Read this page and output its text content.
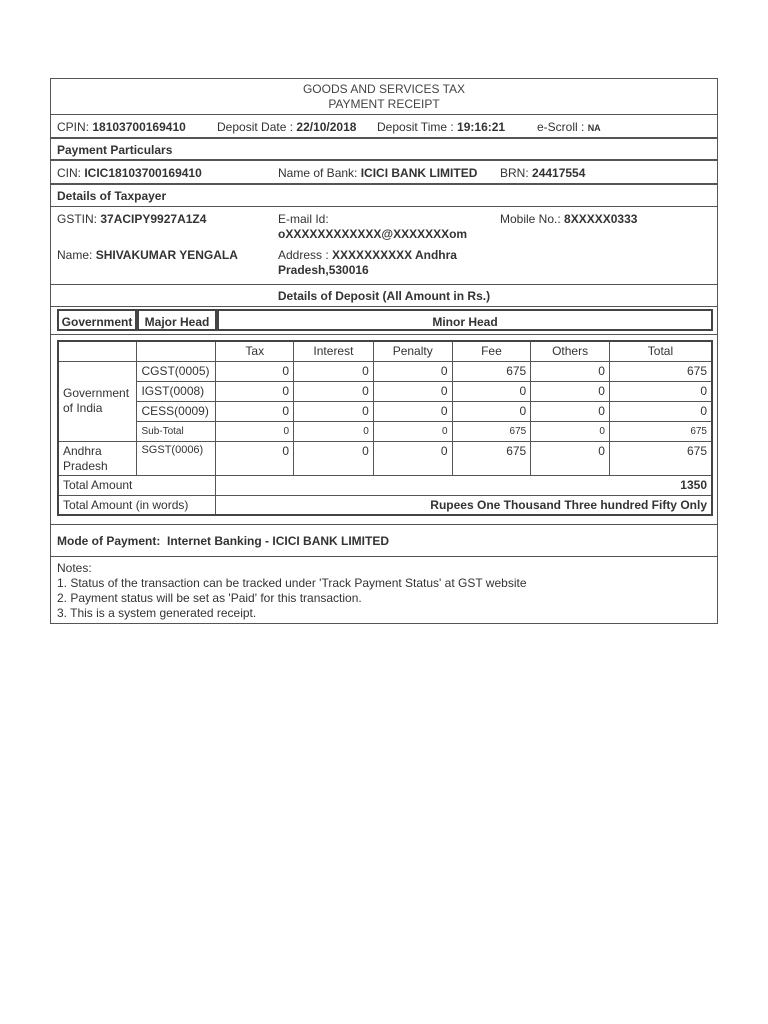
GOODS AND SERVICES TAX
PAYMENT RECEIPT
CPIN: 18103700169410	Deposit Date : 22/10/2018 Deposit Time : 19:16:21	e-Scroll : NA
Payment Particulars
CIN: ICIC18103700169410	Name of Bank: ICICI BANK LIMITED BRN: 24417554
Details of Taxpayer
GSTIN: 37ACIPY9927A1Z4	E-mail Id:
oXXXXXXXXXXXX@XXXXXXXom
Mobile No.: 8XXXXX0333
Name: SHIVAKUMAR YENGALA	Address : XXXXXXXXXX Andhra
Pradesh,530016
Details of Deposit (All Amount in Rs.)
Government	Major Head	Minor Head
		Tax	Interest	Penalty	Fee	Others	Total
Government of India	CGST(0005)	0	0	0	675	0	675
	IGST(0008)	0	0	0	0	0	0
	CESS(0009)	0	0	0	0	0	0
	Sub-Total	0	0	0	675	0	675
Andhra Pradesh	SGST(0006)	0	0	0	675	0	675
Total Amount		1350					
Total Amount (in words)		Rupees One Thousand Three hundred Fifty Only					
Mode of Payment: Internet Banking - ICICI BANK LIMITED
Notes:
1. Status of the transaction can be tracked under 'Track Payment Status' at GST website
2. Payment status will be set as 'Paid' for this transaction.
3. This is a system generated receipt.
